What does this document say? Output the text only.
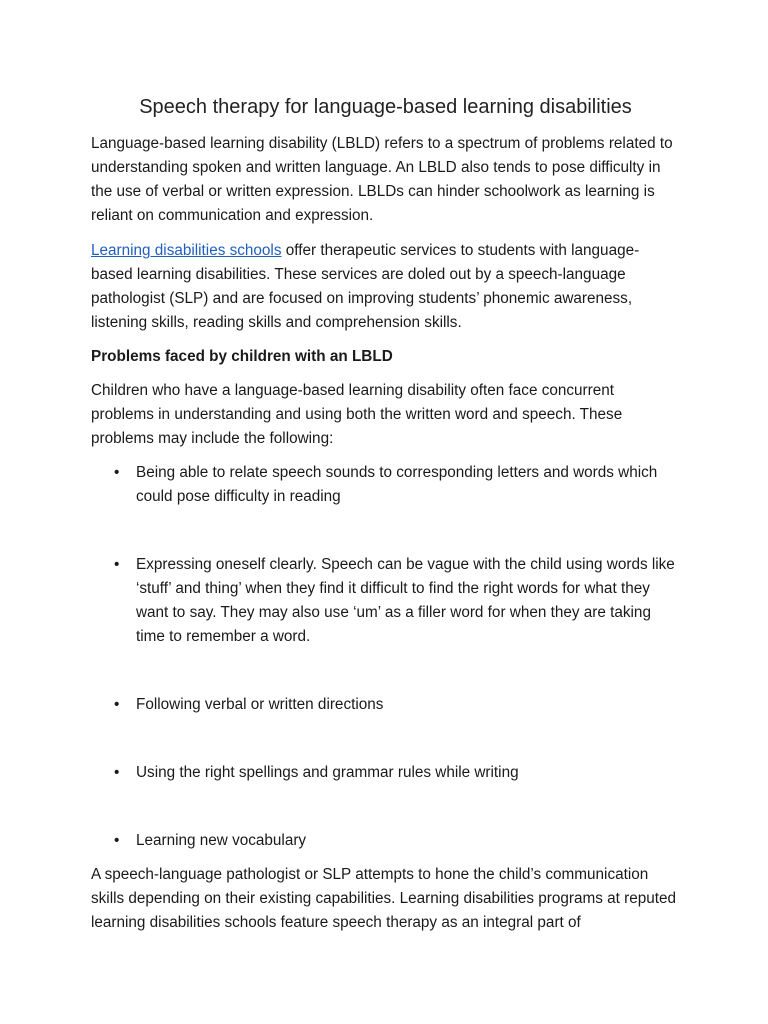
Speech therapy for language-based learning disabilities

Language-based learning disability (LBLD) refers to a spectrum of problems related to understanding spoken and written language. An LBLD also tends to pose difficulty in the use of verbal or written expression. LBLDs can hinder schoolwork as learning is reliant on communication and expression.

Learning disabilities schools offer therapeutic services to students with language-based learning disabilities. These services are doled out by a speech-language pathologist (SLP) and are focused on improving students’ phonemic awareness, listening skills, reading skills and comprehension skills.

Problems faced by children with an LBLD

Children who have a language-based learning disability often face concurrent problems in understanding and using both the written word and speech. These problems may include the following:

• Being able to relate speech sounds to corresponding letters and words which could pose difficulty in reading
• Expressing oneself clearly. Speech can be vague with the child using words like ‘stuff’ and thing’ when they find it difficult to find the right words for what they want to say. They may also use ‘um’ as a filler word for when they are taking time to remember a word.
• Following verbal or written directions
• Using the right spellings and grammar rules while writing
• Learning new vocabulary

A speech-language pathologist or SLP attempts to hone the child’s communication skills depending on their existing capabilities. Learning disabilities programs at reputed learning disabilities schools feature speech therapy as an integral part of
